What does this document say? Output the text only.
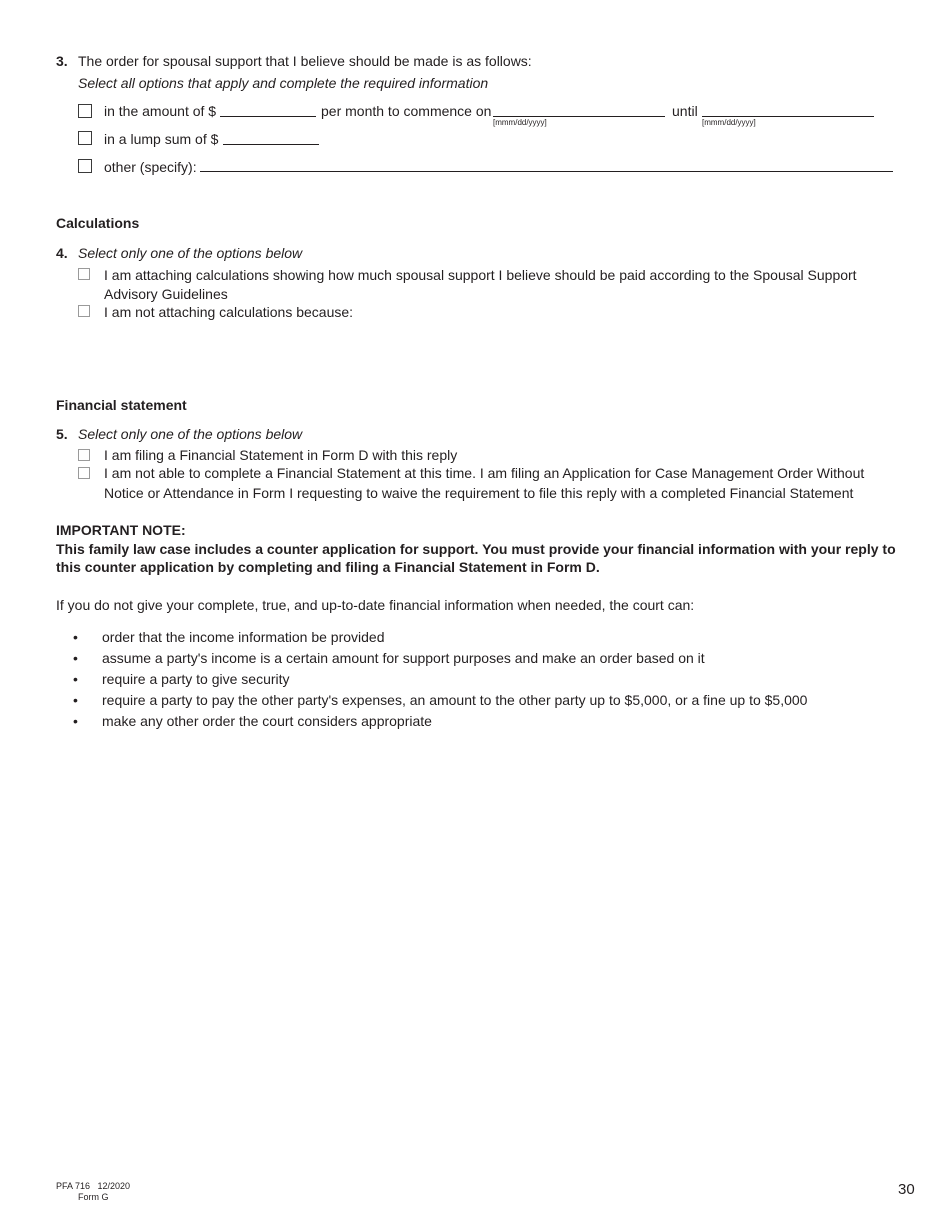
3. The order for spousal support that I believe should be made is as follows:
Select all options that apply and complete the required information
in the amount of $	per month to commence on
[mmm/dd/yyyy]
until
[mmm/dd/yyyy]
in a lump sum of $
other (specify):
Calculations
4. Select only one of the options below
I am attaching calculations showing how much spousal support I believe should be paid according to the Spousal Support
Advisory Guidelines
I am not attaching calculations because:
Financial statement
5. Select only one of the options below
I am filing a Financial Statement in Form D with this reply
I am not able to complete a Financial Statement at this time. I am filing an Application for Case Management Order Without
Notice or Attendance in Form I requesting to waive the requirement to file this reply with a completed Financial Statement
IMPORTANT NOTE:
This family law case includes a counter application for support. You must provide your financial information with your reply to
this counter application by completing and filing a Financial Statement in Form D.
If you do not give your complete, true, and up-to-date financial information when needed, the court can:
• order that the income information be provided
• assume a party's income is a certain amount for support purposes and make an order based on it
• require a party to give security
• require a party to pay the other party's expenses, an amount to the other party up to $5,000, or a fine up to $5,000
• make any other order the court considers appropriate
PFA 716   12/2020
Form G	30
